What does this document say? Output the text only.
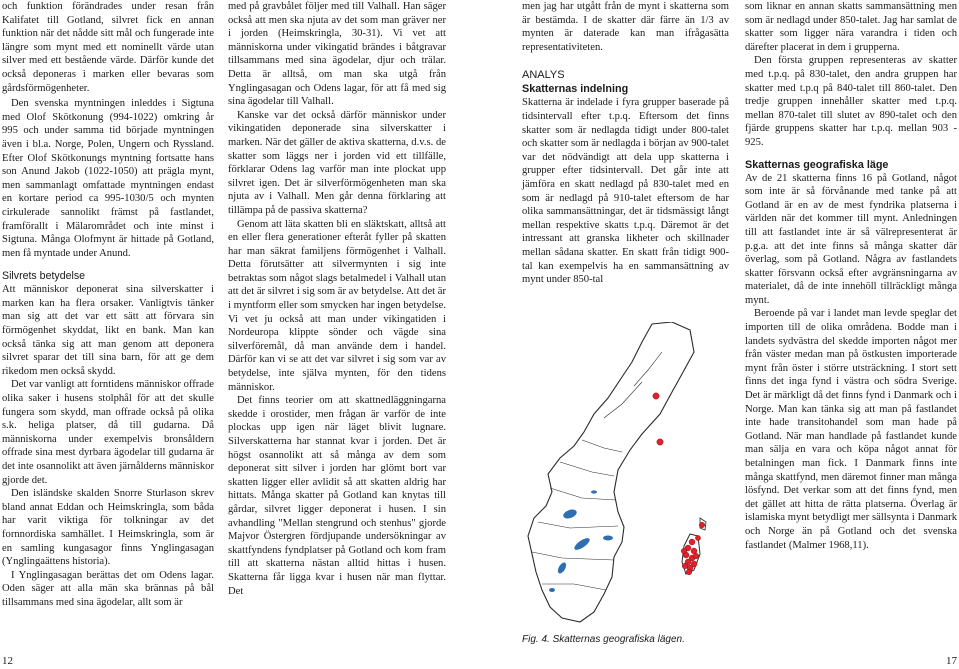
och funktion förändrades under resan från Kalifatet till Gotland, silvret fick en annan funktion när det nådde sitt mål och fungerade inte längre som mynt med ett nominellt värde utan silver med ett bestående värde. Därför kunde det också deponeras i marken eller bevaras som gårdsförmögenheter.

Den svenska myntningen inleddes i Sigtuna med Olof Skötkonung (994-1022) omkring år 995 och under samma tid började myntningen även i bl.a. Norge, Polen, Ungern och Ryssland. Efter Olof Skötkonungs myntning fortsatte hans son Anund Jakob (1022-1050) att prägla mynt, men sammanlagt omfattade myntningen endast en kortare period ca 995-1030/5 och mynten cirkulerade sannolikt främst på fastlandet, framförallt i Mälarområdet och inte minst i Sigtuna. Många Olofmynt är hittade på Gotland, men få myntade under Anund.

Silvrets betydelse

Att människor deponerat sina silverskatter i marken kan ha flera orsaker. Vanligtvis tänker man sig att det var ett sätt att förvara sin förmögenhet skyddat, likt en bank. Man kan också tänka sig att man genom att deponera silvret sparar det till sina barn, för att ge dem rikedom men också skydd.

Det var vanligt att forntidens människor offrade olika saker i husens stolphål för att det skulle fungera som skydd, man offrade också på olika s.k. heliga platser, då till gudarna. Då människorna under exempelvis bronsåldern offrade sina mest dyrbara ägodelar till gudarna är det inte osannolikt att även järnålderns människor gjorde det.

Den isländske skalden Snorre Sturlason skrev bland annat Eddan och Heimskringla, som båda har varit viktiga för tolkningar av det fornnordiska samhället. I Heimskringla, som är en samling kungasagor finns Ynglingasagan (Ynglingaättens historia).

I Ynglingasagan berättas det om Odens lagar. Oden säger att alla män ska brännas på bål tillsammans med sina ägodelar, allt som är

med på gravbålet följer med till Valhall. Han säger också att men ska njuta av det som man gräver ner i jorden (Heimskringla, 30-31). Vi vet att människorna under vikingatid brändes i båtgravar tillsammans med sina ägodelar, djur och trälar. Detta är alltså, om man ska utgå från Ynglingasagan och Odens lagar, för att få med sig sina ägodelar till Valhall.

Kanske var det också därför människor under vikingatiden deponerade sina silverskatter i marken. När det gäller de aktiva skatterna, d.v.s. de skatter som läggs ner i jorden vid ett tillfälle, förklarar Odens lag varför man inte plockat upp silvret igen. Det är silverförmögenheten man ska njuta av i Valhall. Men går denna förklaring att tillämpa på de passiva skatterna?

Genom att läta skatten bli en släktskatt, alltså att en eller flera generationer efteråt fyller på skatten har man säkrat familjens förmögenhet i Valhall. Detta förutsätter att silvermynten i sig inte betraktas som något slags betalmedel i Valhall utan att det är silvret i sig som är av betydelse. Att det är i myntform eller som smycken har ingen betydelse. Vi vet ju också att man under vikingatiden i Nordeuropa klippte sönder och vägde sina silverföremål, då man använde dem i handel. Därför kan vi se att det var silvret i sig som var av betydelse, inte själva mynten, för den tidens människor.

Det finns teorier om att skattnedläggningarna skedde i orostider, men frågan är varför de inte plockas upp igen när läget blivit lugnare. Silverskatterna har stannat kvar i jorden. Det är högst osannolikt att så många av dem som deponerat sitt silver i jorden har glömt bort var skatten ligger eller avlidit så att skatten aldrig har hittats. Många skatter på Gotland kan knytas till gårdar, silvret ligger deponerat i husen. I sin avhandling "Mellan stengrund och stenhus" gjorde Majvor Östergren fördjupande undersökningar av skattfyndens fyndplatser på Gotland och kom fram till att skatterna nästan alltid hittas i husen. Skatterna får ligga kvar i husen när man flyttar. Det

men jag har utgått från de mynt i skatterna som är bestämda. I de skatter där färre än 1/3 av mynten är daterade kan man ifrågasätta representativiteten.

ANALYS
Skatternas indelning

Skatterna är indelade i fyra grupper baserade på tidsintervall efter t.p.q. Eftersom det finns skatter som är nedlagda tidigt under 800-talet och skatter som är nedlagda i början av 900-talet var det nödvändigt att dela upp skatterna i grupper efter tidsintervall. Det går inte att jämföra en skatt nedlagd på 830-talet med en som är nedlagd på 910-talet eftersom de har olika sammansättningar, det är tidsmässigt långt mellan respektive skatts t.p.q. Däremot är det intressant att granska likheter och skillnader mellan sådana skatter. En skatt från tidigt 900-tal kan exempelvis ha en sammansättning av mynt under 850-tal

Fig. 4. Skatternas geografiska lägen.

som liknar en annan skatts sammansättning men som är nedlagd under 850-talet. Jag har samlat de skatter som ligger nära varandra i tiden och därefter placerat in dem i grupperna.

Den första gruppen representeras av skatter med t.p.q. på 830-talet, den andra gruppen har skatter med t.p.q på 840-talet till 860-talet. Den tredje gruppen innehåller skatter med t.p.q. mellan 870-talet till slutet av 890-talet och den fjärde gruppens skatter har t.p.q. mellan 903 - 925.

Skatternas geografiska läge

Av de 21 skatterna finns 16 på Gotland, något som inte är så förvånande med tanke på att Gotland är en av de mest fyndrika platserna i världen när det kommer till mynt. Anledningen till att fastlandet inte är så välrepresenterat är p.g.a. att det inte finns så många skatter där överlag, som på Gotland. Några av fastlandets skatter försvann också efter avgränsningarna av materialet, då de inte innehöll tillräckligt många mynt.

Beroende på var i landet man levde speglar det importen till de olika områdena. Bodde man i landets sydvästra del skedde importen något mer från väster medan man på östkusten importerade mynt från öster i större utsträckning. I stort sett finns det inga fynd i västra och södra Sverige. Det är märkligt då det finns fynd i Danmark och i Norge. Man kan tänka sig att man på fastlandet inte hade transitohandel som man hade på Gotland. När man handlade på fastlandet kunde man sälja en vara och köpa något annat för betalningen man fick. I Danmark finns inte många skattfynd, men däremot finner man många lösfynd. Det verkar som att det finns fynd, men det gället att hitta de rätta platserna. Överlag är islamiska mynt betydligt mer sällsynta i Danmark och Norge än på Gotland och det svenska fastlandet (Malmer 1968,11).

12	17
